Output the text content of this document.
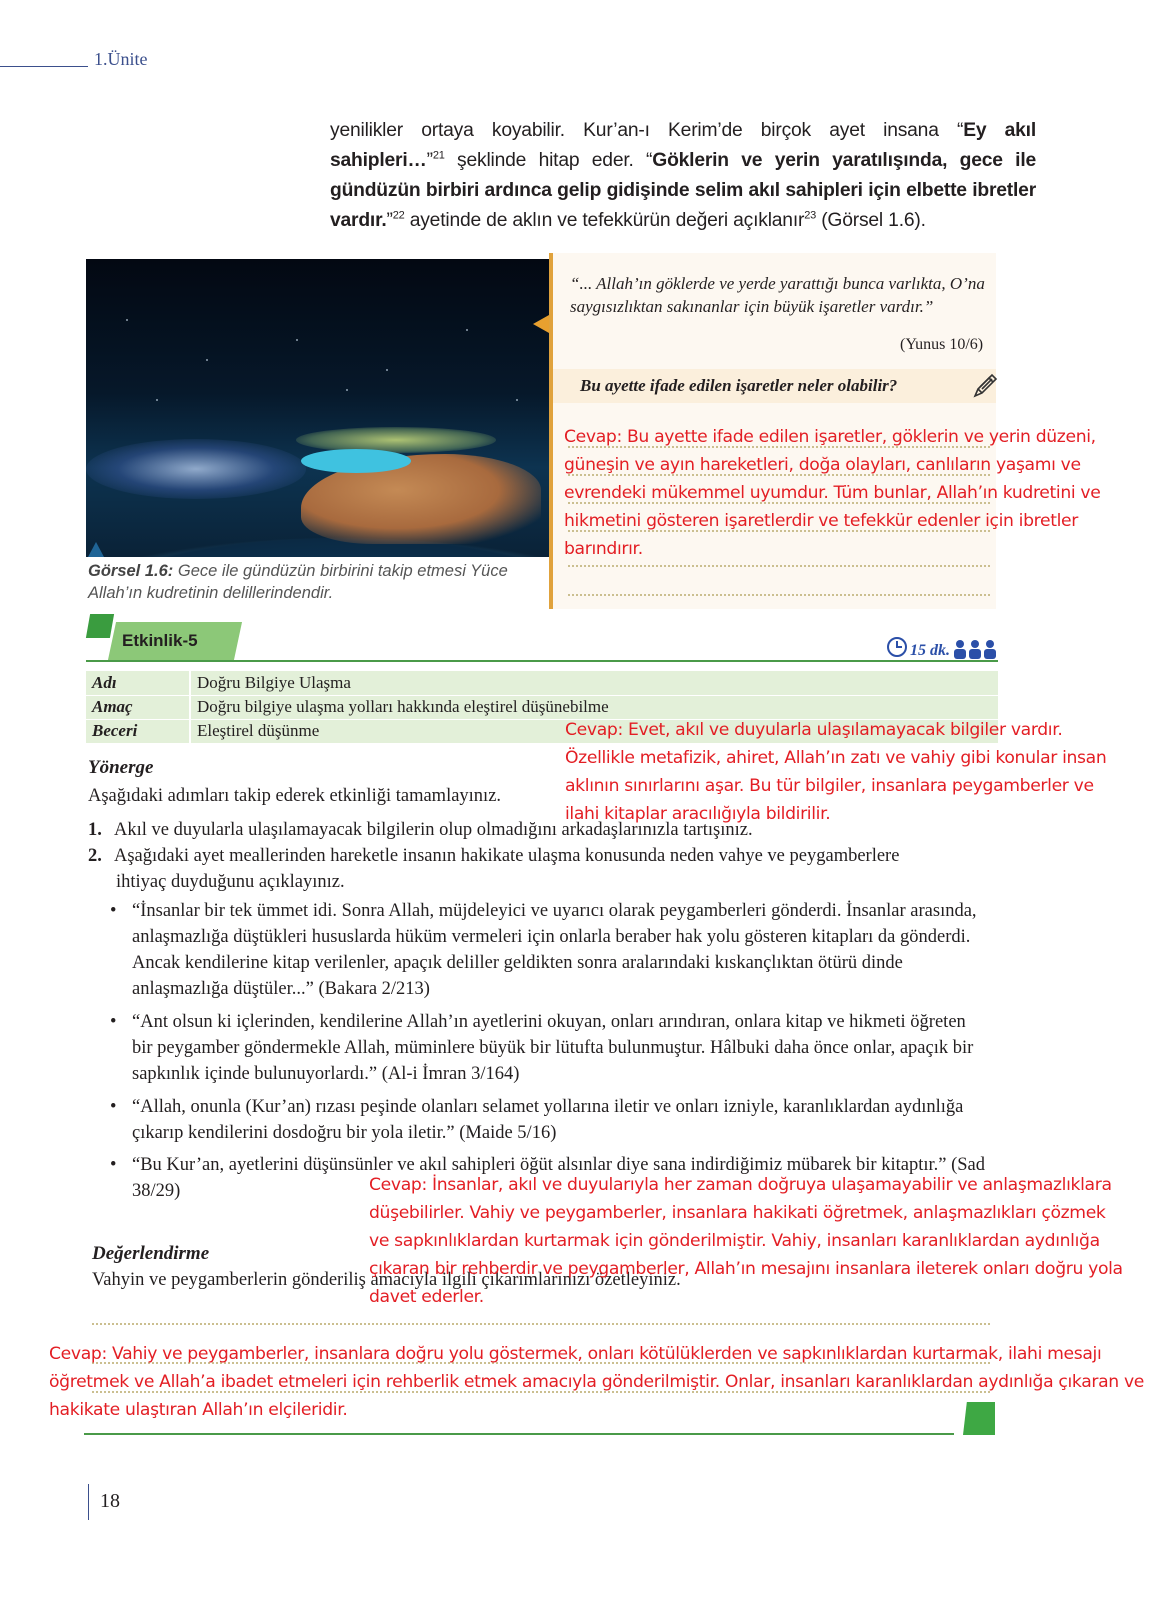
1.Ünite
yenilikler ortaya koyabilir. Kur’an-ı Kerim’de birçok ayet insana “Ey akıl sahipleri…”$^{21}$ şeklinde hitap eder. “Göklerin ve yerin yaratılışında, gece ile gündüzün birbiri ardınca gelip gidişinde selim akıl sahipleri için elbette ibretler vardır.”$^{22}$ ayetinde de aklın ve tefekkürün değeri açıklanır$^{23}$ (Görsel 1.6).
Görsel 1.6: Gece ile gündüzün birbirini takip etmesi Yüce Allah’ın kudretinin delillerindendir.
“... Allah’ın göklerde ve yerde yarattığı bunca varlıkta, O’na saygısızlıktan sakınanlar için büyük işaretler vardır.”
(Yunus 10/6)
Bu ayette ifade edilen işaretler neler olabilir?
Cevap: Bu ayette ifade edilen işaretler, göklerin ve yerin düzeni, güneşin ve ayın hareketleri, doğa olayları, canlıların yaşamı ve evrendeki mükemmel uyumdur. Tüm bunlar, Allah’ın kudretini ve hikmetini gösteren işaretlerdir ve tefekkür edenler için ibretler barındırır.
Etkinlik-5
15 dk.
Adı	Doğru Bilgiye Ulaşma
Amaç	Doğru bilgiye ulaşma yolları hakkında eleştirel düşünebilme
Beceri	Eleştirel düşünme
Yönerge
Aşağıdaki adımları takip ederek etkinliği tamamlayınız.
1. Akıl ve duyularla ulaşılamayacak bilgilerin olup olmadığını arkadaşlarınızla tartışınız.
2. Aşağıdaki ayet meallerinden hareketle insanın hakikate ulaşma konusunda neden vahye ve peygamberlere
ihtiyaç duyduğunu açıklayınız.
• “İnsanlar bir tek ümmet idi. Sonra Allah, müjdeleyici ve uyarıcı olarak peygamberleri gönderdi. İnsanlar arasında, anlaşmazlığa düştükleri hususlarda hüküm vermeleri için onlarla beraber hak yolu gösteren kitapları da gönderdi. Ancak kendilerine kitap verilenler, apaçık deliller geldikten sonra aralarındaki kıskançlıktan ötürü dinde anlaşmazlığa düştüler...” (Bakara 2/213)
• “Ant olsun ki içlerinden, kendilerine Allah’ın ayetlerini okuyan, onları arındıran, onlara kitap ve hikmeti öğreten bir peygamber göndermekle Allah, müminlere büyük bir lütufta bulunmuştur. Hâlbuki daha önce onlar, apaçık bir sapkınlık içinde bulunuyorlardı.” (Al-i İmran 3/164)
• “Allah, onunla (Kur’an) rızası peşinde olanları selamet yollarına iletir ve onları izniyle, karanlıklardan aydınlığa çıkarıp kendilerini dosdoğru bir yola iletir.” (Maide 5/16)
• “Bu Kur’an, ayetlerini düşünsünler ve akıl sahipleri öğüt alsınlar diye sana indirdiğimiz mübarek bir kitaptır.” (Sad 38/29)
Cevap: Evet, akıl ve duyularla ulaşılamayacak bilgiler vardır. Özellikle metafizik, ahiret, Allah’ın zatı ve vahiy gibi konular insan aklının sınırlarını aşar. Bu tür bilgiler, insanlara peygamberler ve ilahi kitaplar aracılığıyla bildirilir.
Değerlendirme
Vahyin ve peygamberlerin gönderiliş amacıyla ilgili çıkarımlarınızı özetleyiniz.
Cevap: İnsanlar, akıl ve duyularıyla her zaman doğruya ulaşamayabilir ve anlaşmazlıklara düşebilirler. Vahiy ve peygamberler, insanlara hakikati öğretmek, anlaşmazlıkları çözmek ve sapkınlıklardan kurtarmak için gönderilmiştir. Vahiy, insanları karanlıklardan aydınlığa çıkaran bir rehberdir ve peygamberler, Allah’ın mesajını insanlara ileterek onları doğru yola davet ederler.
Cevap: Vahiy ve peygamberler, insanlara doğru yolu göstermek, onları kötülüklerden ve sapkınlıklardan kurtarmak, ilahi mesajı öğretmek ve Allah’a ibadet etmeleri için rehberlik etmek amacıyla gönderilmiştir. Onlar, insanları karanlıklardan aydınlığa çıkaran ve hakikate ulaştıran Allah’ın elçileridir.
18
